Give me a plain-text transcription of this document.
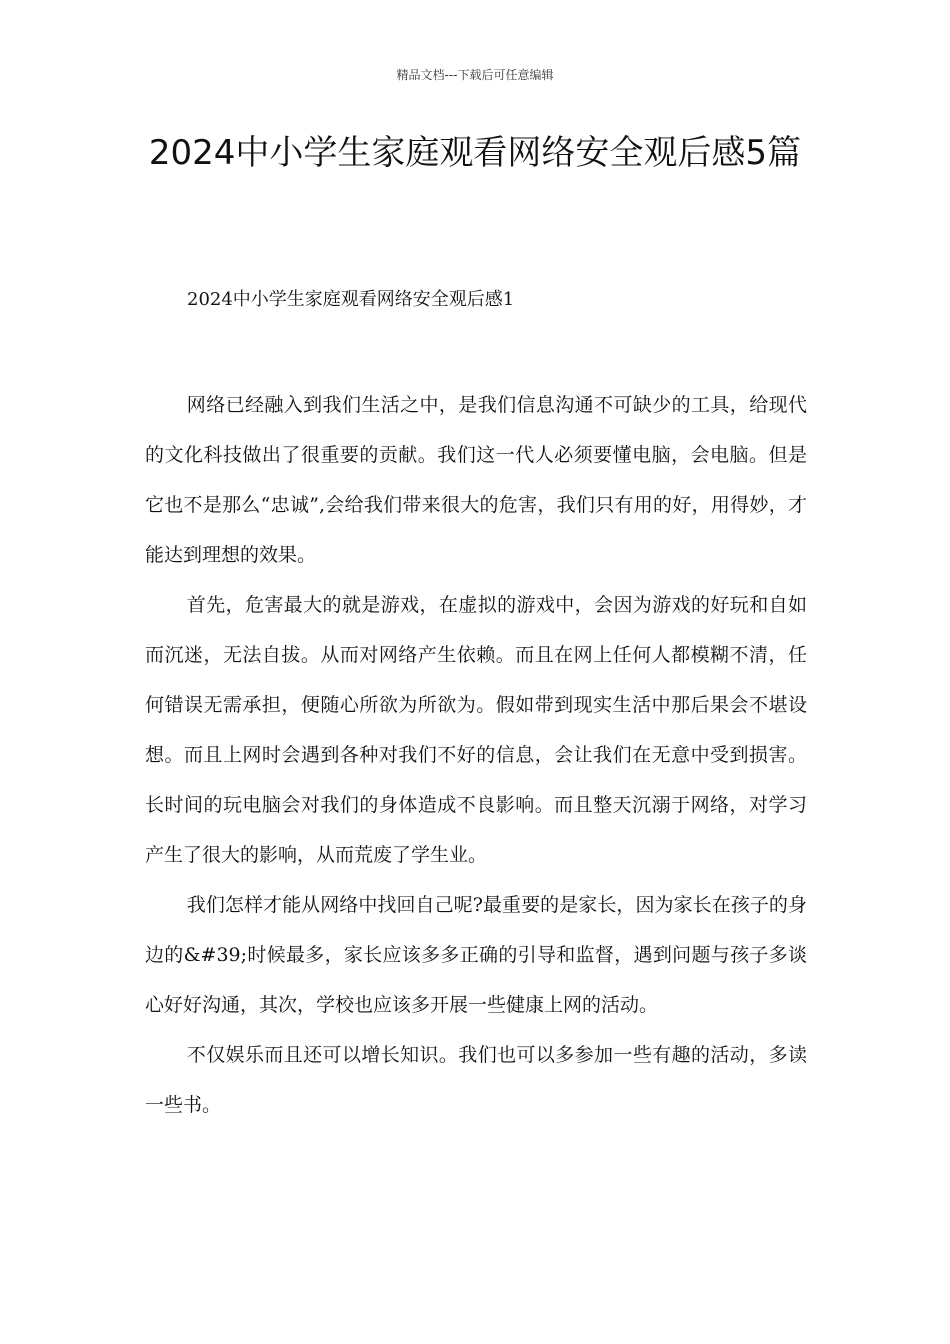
精品文档---下载后可任意编辑
2024中小学生家庭观看网络安全观后感5篇

2024中小学生家庭观看网络安全观后感1

网络已经融入到我们生活之中，是我们信息沟通不可缺少的工具，给现代的文化科技做出了很重要的贡献。我们这一代人必须要懂电脑，会电脑。但是它也不是那么“忠诚”,会给我们带来很大的危害，我们只有用的好，用得妙，才能达到理想的效果。

首先，危害最大的就是游戏，在虚拟的游戏中，会因为游戏的好玩和自如而沉迷，无法自拔。从而对网络产生依赖。而且在网上任何人都模糊不清，任何错误无需承担，便随心所欲为所欲为。假如带到现实生活中那后果会不堪设想。而且上网时会遇到各种对我们不好的信息，会让我们在无意中受到损害。长时间的玩电脑会对我们的身体造成不良影响。而且整天沉溺于网络，对学习产生了很大的影响，从而荒废了学生业。

我们怎样才能从网络中找回自己呢?最重要的是家长，因为家长在孩子的身边的&#39;时候最多，家长应该多多正确的引导和监督，遇到问题与孩子多谈心好好沟通，其次，学校也应该多开展一些健康上网的活动。

不仅娱乐而且还可以增长知识。我们也可以多参加一些有趣的活动，多读一些书。
